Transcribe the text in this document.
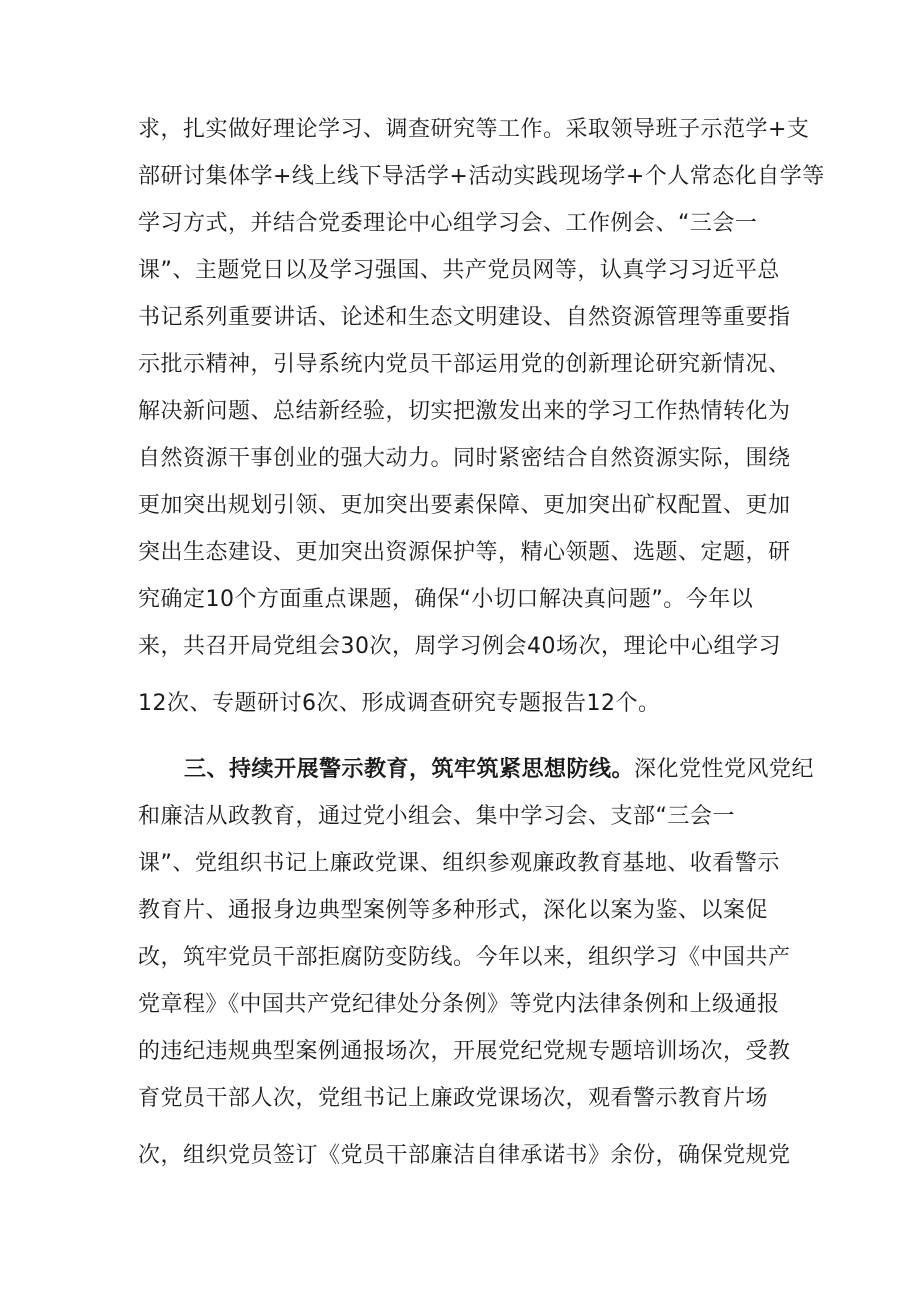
求，扎实做好理论学习、调查研究等工作。采取领导班子示范学+支
部研讨集体学+线上线下导活学+活动实践现场学+个人常态化自学等
学习方式，并结合党委理论中心组学习会、工作例会、“三会一
课”、主题党日以及学习强国、共产党员网等，认真学习习近平总
书记系列重要讲话、论述和生态文明建设、自然资源管理等重要指
示批示精神，引导系统内党员干部运用党的创新理论研究新情况、
解决新问题、总结新经验，切实把激发出来的学习工作热情转化为
自然资源干事创业的强大动力。同时紧密结合自然资源实际，围绕
更加突出规划引领、更加突出要素保障、更加突出矿权配置、更加
突出生态建设、更加突出资源保护等，精心领题、选题、定题，研
究确定10个方面重点课题，确保“小切口解决真问题”。今年以
来，共召开局党组会30次，周学习例会40场次，理论中心组学习
12次、专题研讨6次、形成调查研究专题报告12个。
三、持续开展警示教育，筑牢筑紧思想防线。深化党性党风党纪
和廉洁从政教育，通过党小组会、集中学习会、支部“三会一
课”、党组织书记上廉政党课、组织参观廉政教育基地、收看警示
教育片、通报身边典型案例等多种形式，深化以案为鉴、以案促
改，筑牢党员干部拒腐防变防线。今年以来，组织学习《中国共产
党章程》《中国共产党纪律处分条例》等党内法律条例和上级通报
的违纪违规典型案例通报场次，开展党纪党规专题培训场次，受教
育党员干部人次，党组书记上廉政党课场次，观看警示教育片场
次，组织党员签订《党员干部廉洁自律承诺书》余份，确保党规党
